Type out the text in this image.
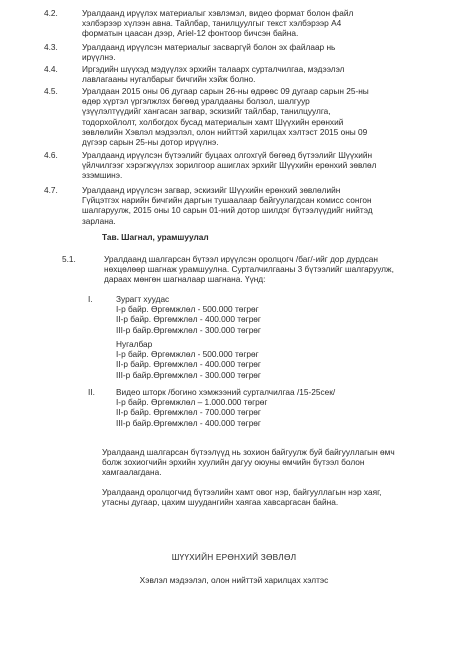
4.2.	Уралдаанд ирүүлэх материалыг хэвлэмэл, видео формат болон файл
хэлбэрээр хүлээн авна. Тайлбар, танилцуулгыг текст хэлбэрээр А4
форматын цаасан дээр, Ariel-12 фонтоор бичсэн байна.
4.3.	Уралдаанд ирүүлсэн материалыг засваргүй болон эх файлаар нь
ирүүлнэ.
4.4.	Иргэдийн шүүхэд мэдүүлэх эрхийн талаарх сурталчилгаа, мэдээлэл
лавлагааны нугалбарыг бичгийн хэйж болно.
4.5.	Уралдаан 2015 оны 06 дугаар сарын 26-ны өдрөөс 09 дугаар сарын 25-ны
өдөр хүртэл үргэлжлэх бөгөөд уралдааны болзол, шалгуур
үзүүлэлтүүдийг хангасан загвар, эскизийг тайлбар, танилцуулга,
тодорхойлолт, холбогдох бусад материалын хамт Шүүхийн ерөнхий
зөвлөлийн Хэвлэл мэдээлэл, олон нийттэй харилцах хэлтэст 2015 оны 09
дүгээр сарын 25-ны дотор ирүүлнэ.
4.6.	Уралдаанд ирүүлсэн бүтээлийг буцаах олгохгүй бөгөөд бүтээлийг Шүүхийн
үйлчилгээг хэрэгжүүлэх зорилгоор ашиглах эрхийг Шүүхийн ерөнхий зөвлөл
эзэмшинэ.
4.7.	Уралдаанд ирүүлсэн загвар, эскизийг Шүүхийн ерөнхий зөвлөлийн
Гүйцэтгэх нарийн бичгийн даргын тушаалаар байгуулагдсан комисс сонгон
шалгаруулж, 2015 оны 10 сарын 01-ний дотор шилдэг бүтээлүүдийг нийтэд
зарлана.
Тав. Шагнал, урамшуулал
5.1.	Уралдаанд шалгарсан бүтээл ирүүлсэн оролцогч /баг/-ийг дор дурдсан
нөхцөлөөр шагнаж урамшуулна. Сурталчилгааны 3 бүтээлийг шалгаруулж,
дараах мөнгөн шагналаар шагнана. Үүнд:
I.	Зурагт хуудас
I-р байр. Өргөмжлөл - 500.000 төгрөг
II-р байр. Өргөмжлөл - 400.000 төгрөг
III-р байр.Өргөмжлөл - 300.000 төгрөг
Нугалбар
I-р байр. Өргөмжлөл - 500.000 төгрөг
II-р байр. Өргөмжлөл - 400.000 төгрөг
III-р байр.Өргөмжлөл - 300.000 төгрөг
II.	Видео шторк /богино хэмжээний сурталчилгаа /15-25сек/
I-р байр. Өргөмжлөл – 1.000.000 төгрөг
II-р байр. Өргөмжлөл - 700.000 төгрөг
III-р байр.Өргөмжлөл - 400.000 төгрөг
Уралдаанд шалгарсан бүтээлүүд нь зохион байгуулж буй байгууллагын өмч
болж зохиогчийн эрхийн хуулийн дагуу оюуны өмчийн бүтээл болон
хамгаалагдана.
Уралдаанд оролцогчид бүтээлийн хамт овог нэр, байгууллагын нэр хаяг,
утасны дугаар, цахим шуудангийн хаягаа хавсаргасан байна.
ШҮҮХИЙН ЕРӨНХИЙ ЗӨВЛӨЛ
Хэвлэл мэдээлэл, олон нийттэй харилцах хэлтэс
